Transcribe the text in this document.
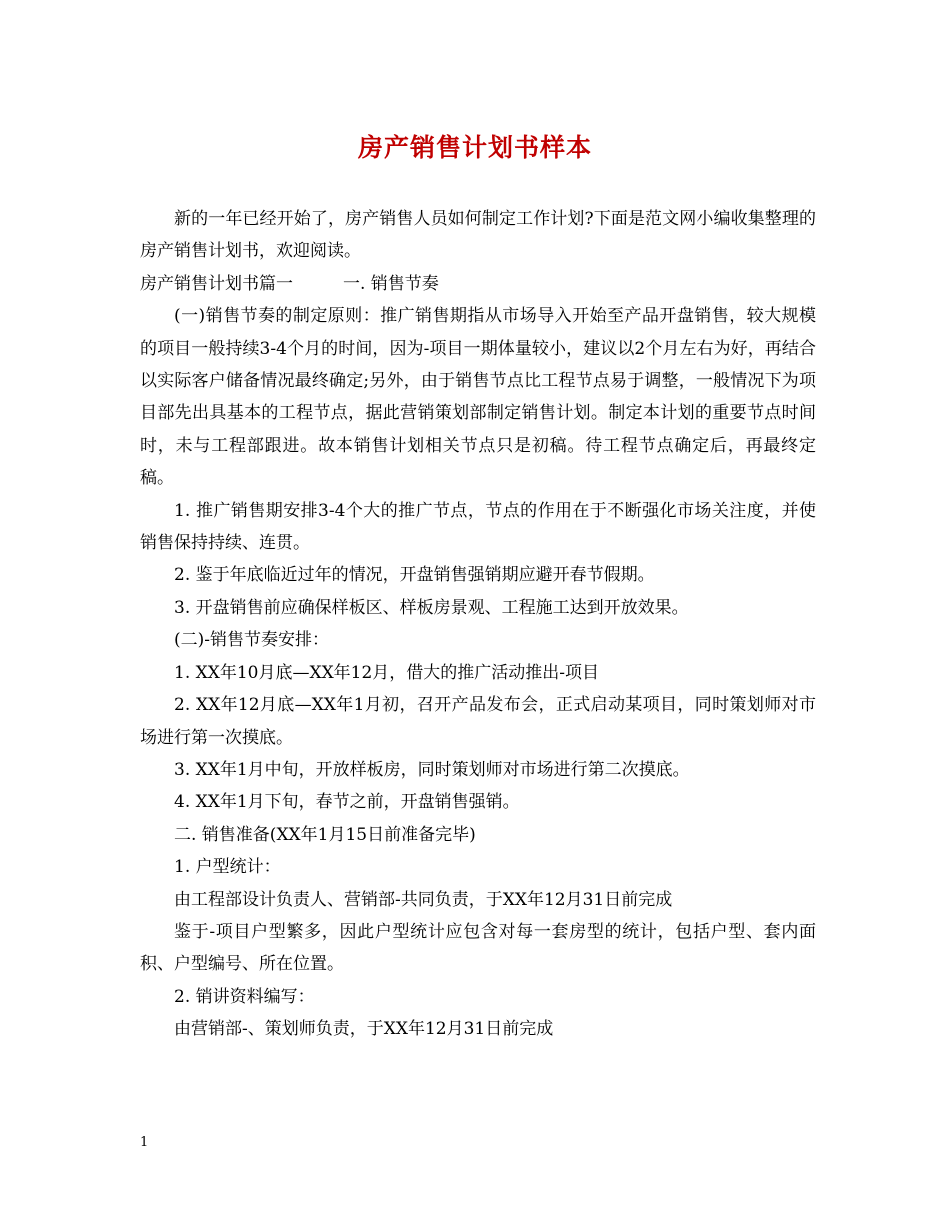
房产销售计划书样本

新的一年已经开始了，房产销售人员如何制定工作计划?下面是范文网小编收集整理的房产销售计划书，欢迎阅读。

房产销售计划书篇一	一. 销售节奏

(一)销售节奏的制定原则：推广销售期指从市场导入开始至产品开盘销售，较大规模的项目一般持续3-4个月的时间，因为-项目一期体量较小，建议以2个月左右为好，再结合以实际客户储备情况最终确定;另外，由于销售节点比工程节点易于调整，一般情况下为项目部先出具基本的工程节点，据此营销策划部制定销售计划。制定本计划的重要节点时间时，未与工程部跟进。故本销售计划相关节点只是初稿。待工程节点确定后，再最终定稿。

1. 推广销售期安排3-4个大的推广节点，节点的作用在于不断强化市场关注度，并使销售保持持续、连贯。

2. 鉴于年底临近过年的情况，开盘销售强销期应避开春节假期。

3. 开盘销售前应确保样板区、样板房景观、工程施工达到开放效果。

(二)-销售节奏安排：

1. XX年10月底—XX年12月，借大的推广活动推出-项目

2. XX年12月底—XX年1月初，召开产品发布会，正式启动某项目，同时策划师对市场进行第一次摸底。

3. XX年1月中旬，开放样板房，同时策划师对市场进行第二次摸底。

4. XX年1月下旬，春节之前，开盘销售强销。

二. 销售准备(XX年1月15日前准备完毕)

1. 户型统计：

由工程部设计负责人、营销部-共同负责，于XX年12月31日前完成

鉴于-项目户型繁多，因此户型统计应包含对每一套房型的统计，包括户型、套内面积、户型编号、所在位置。

2. 销讲资料编写：

由营销部-、策划师负责，于XX年12月31日前完成

1
